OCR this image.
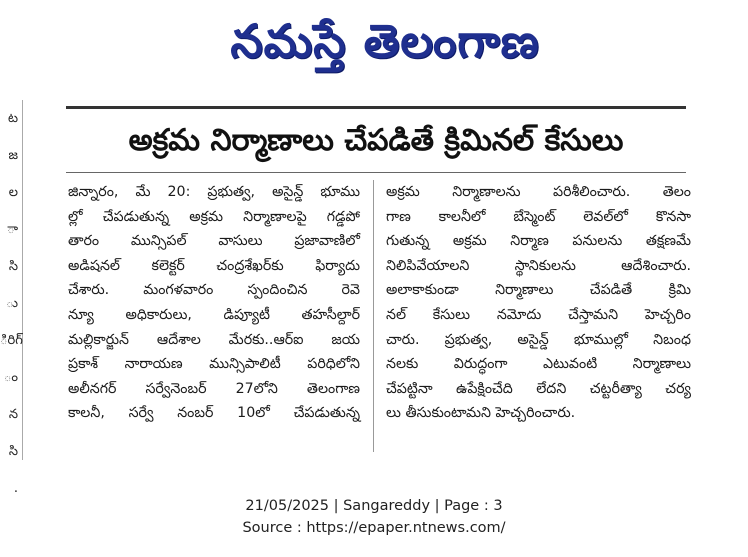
నమస్తే తెలంగాణ
ట
జ
ల
ా
సి
ు
ిరిగ్
ం
న
సి
.
అక్రమ నిర్మాణాలు చేపడితే క్రిమినల్ కేసులు
జిన్నారం, మే 20: ప్రభుత్వ, అసైన్డ్ భూము
ల్లో చేపడుతున్న అక్రమ నిర్మాణాలపై గడ్డపో
తారం మున్సిపల్ వాసులు ప్రజావాణిలో
అడిషనల్ కలెక్టర్ చంద్రశేఖర్‌కు ఫిర్యాదు
చేశారు. మంగళవారం స్పందించిన రెవె
న్యూ అధికారులు, డిప్యూటీ తహసీల్దార్
మల్లికార్జున్ ఆదేశాల మేరకు..ఆర్ఐ జయ
ప్రకాశ్ నారాయణ మున్సిపాలిటీ పరిధిలోని
అలీనగర్ సర్వేనెంబర్ 27లోని తెలంగాణ
కాలనీ, సర్వే నంబర్ 10లో చేపడుతున్న
అక్రమ నిర్మాణాలను పరిశీలించారు. తెలం
గాణ కాలనీలో బేస్మెంట్ లెవల్‌లో కొనసా
గుతున్న అక్రమ నిర్మాణ పనులను తక్షణమే
నిలిపివేయాలని స్థానికులను ఆదేశించారు.
అలాకాకుండా నిర్మాణాలు చేపడితే క్రిమి
నల్ కేసులు నమోదు చేస్తామని హెచ్చరిం
చారు. ప్రభుత్వ, అసైన్డ్ భూముల్లో నిబంధ
నలకు విరుద్ధంగా ఎటువంటి నిర్మాణాలు
చేపట్టినా ఉపేక్షించేది లేదని చట్టరీత్యా చర్య
లు తీసుకుంటామని హెచ్చరించారు.
21/05/2025 | Sangareddy | Page : 3
Source : https://epaper.ntnews.com/
